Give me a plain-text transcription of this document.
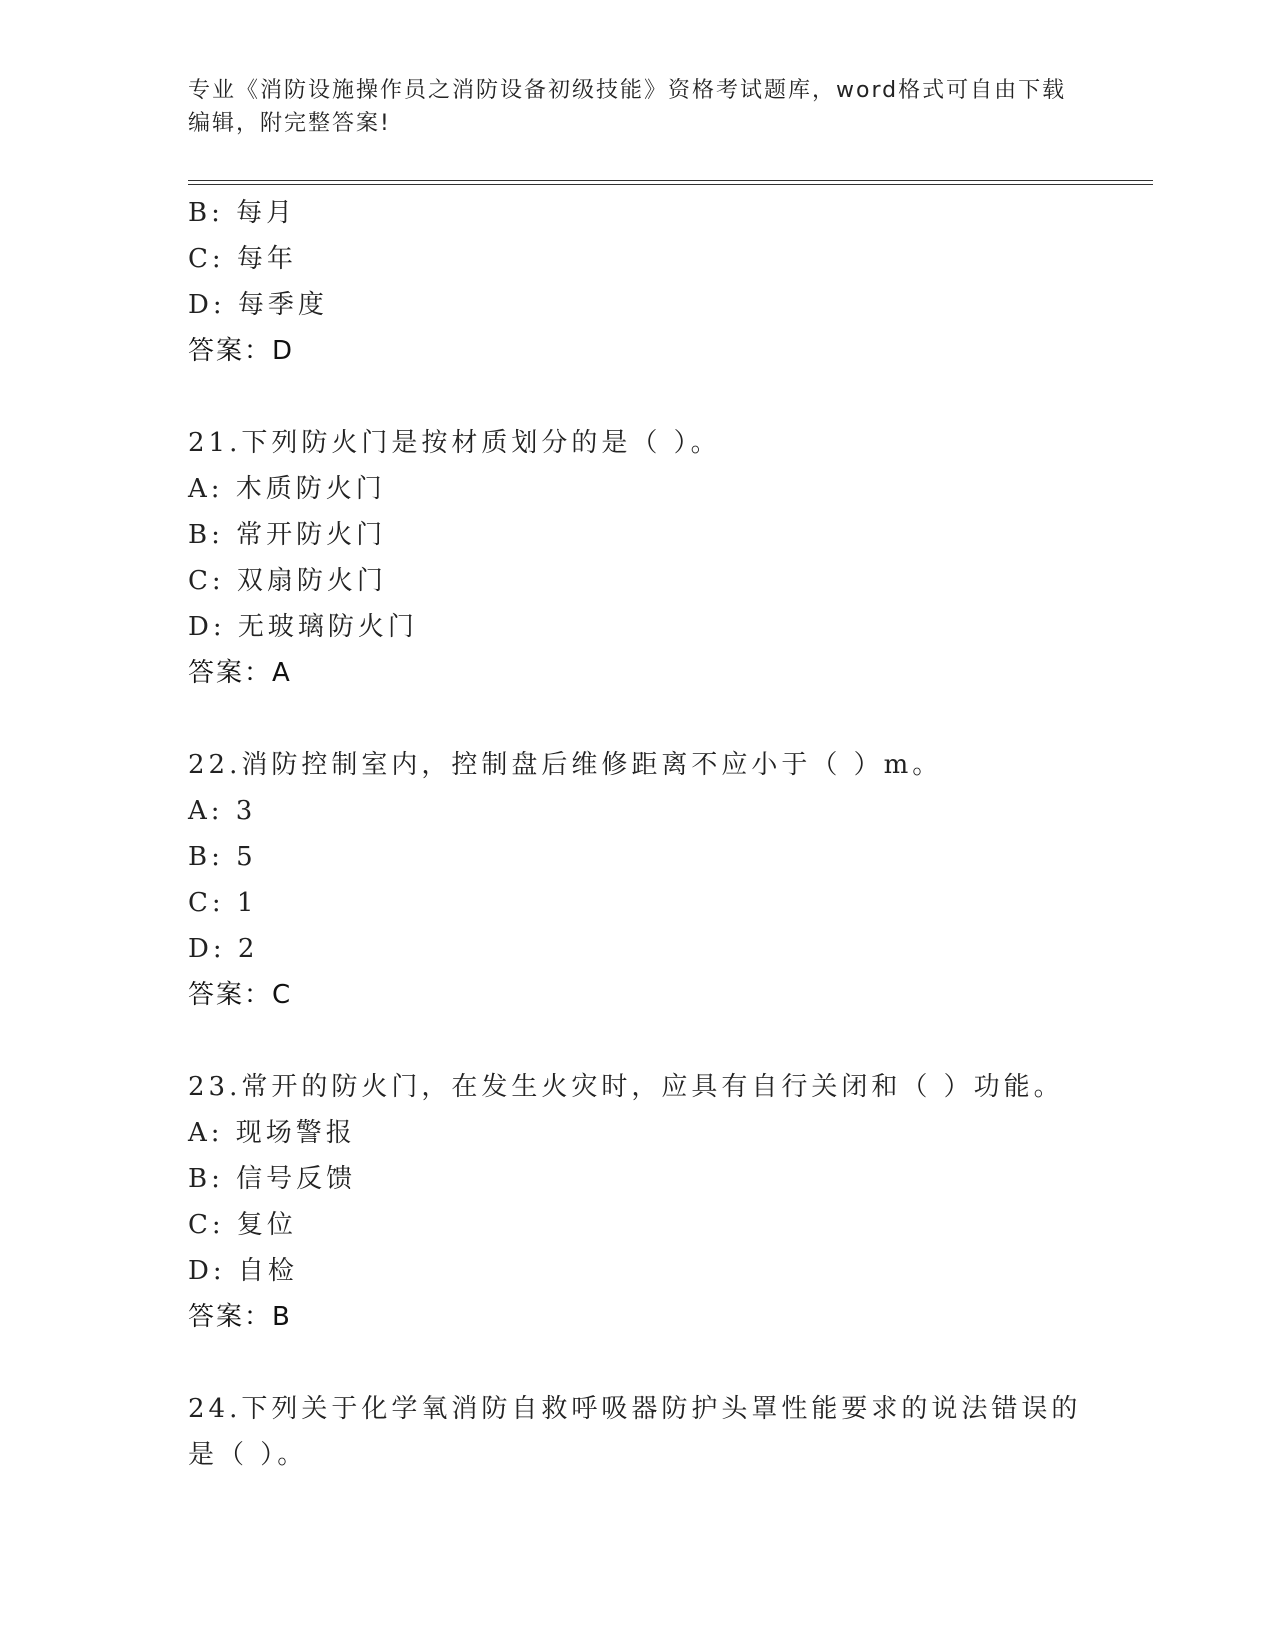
专业《消防设施操作员之消防设备初级技能》资格考试题库，word格式可自由下载编辑，附完整答案!
B: 每月
C: 每年
D: 每季度
答案：D
21.下列防火门是按材质划分的是（ ）。
A: 木质防火门
B: 常开防火门
C: 双扇防火门
D: 无玻璃防火门
答案：A
22.消防控制室内，控制盘后维修距离不应小于（ ）m。
A: 3
B: 5
C: 1
D: 2
答案：C
23.常开的防火门，在发生火灾时，应具有自行关闭和（ ）功能。
A: 现场警报
B: 信号反馈
C: 复位
D: 自检
答案：B
24.下列关于化学氧消防自救呼吸器防护头罩性能要求的说法错误的是（ ）。
